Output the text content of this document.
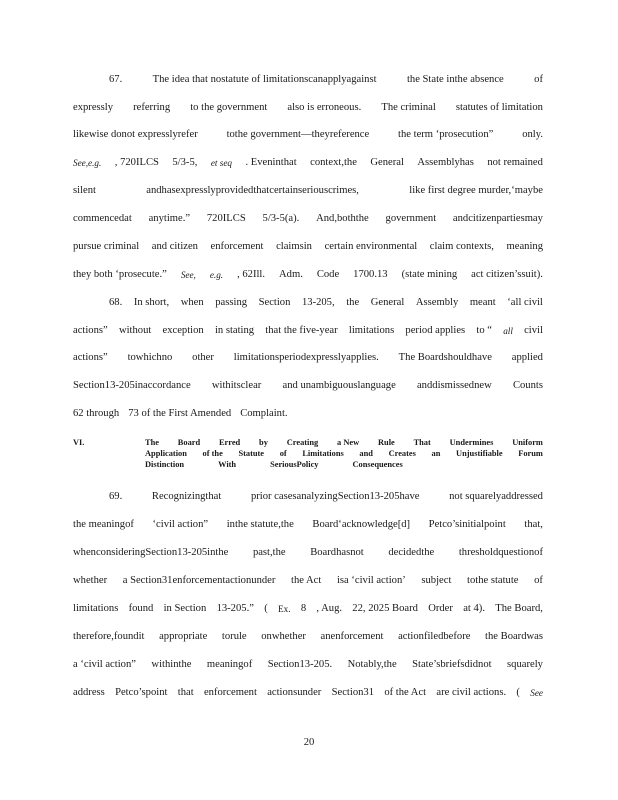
67.	The idea that nostatute of limitationscanapplyagainst	the State inthe absence	of
expressly referring to the government also is erroneous. The criminal statutes of limitation
likewise donot expresslyrefer	tothe government—theyreference	the term ‘prosecution”	only.
See,e.g. , 720ILCS 5/3-5, et seq . Eveninthat context,the General Assemblyhas not remained
silent	andhasexpresslyprovidedthatcertainseriouscrimes,	like first degree murder,‘maybe
commencedat anytime.” 720ILCS 5/3-5(a). And,boththe government andcitizenpartiesmay
pursue criminal and citizen enforcement claimsin certain environmental claim contexts, meaning
they both ‘prosecute.” See, e.g. , 62Ill. Adm. Code 1700.13 (state mining act citizen’ssuit).
68. In short, when passing Section 13-205, the General Assembly meant ‘all civil
actions” without exception in stating that the five-year limitations period applies to “ all civil
actions” towhichno other limitationsperiodexpresslyapplies. The Boardshouldhave applied
Section13-205inaccordance withitsclear and unambiguouslanguage anddismissednew Counts
62 through 73 of the First Amended Complaint.
VI.	The Board Erred by Creating a New Rule That Undermines Uniform
Application of the Statute of Limitations and Creates an Unjustifiable Forum
Distinction	With	SeriousPolicy	Consequences
69.	Recognizingthat	prior casesanalyzingSection13-205have	not squarelyaddressed
the meaningof ‘civil action” inthe statute,the Board‘acknowledge[d] Petco’sinitialpoint that,
whenconsideringSection13-205inthe past,the Boardhasnot decidedthe thresholdquestionof
whether a Section31enforcementactionunder the Act isa ‘civil action’ subject tothe statute of
limitations found in Section 13-205.” ( Ex. 8 , Aug. 22, 2025 Board Order at 4). The Board,
therefore,foundit appropriate torule onwhether anenforcement actionfiledbefore the Boardwas
a ‘civil action” withinthe meaningof Section13-205. Notably,the State’sbriefsdidnot squarely
address Petco’spoint that enforcement actionsunder Section31 of the Act are civil actions. ( See
20
